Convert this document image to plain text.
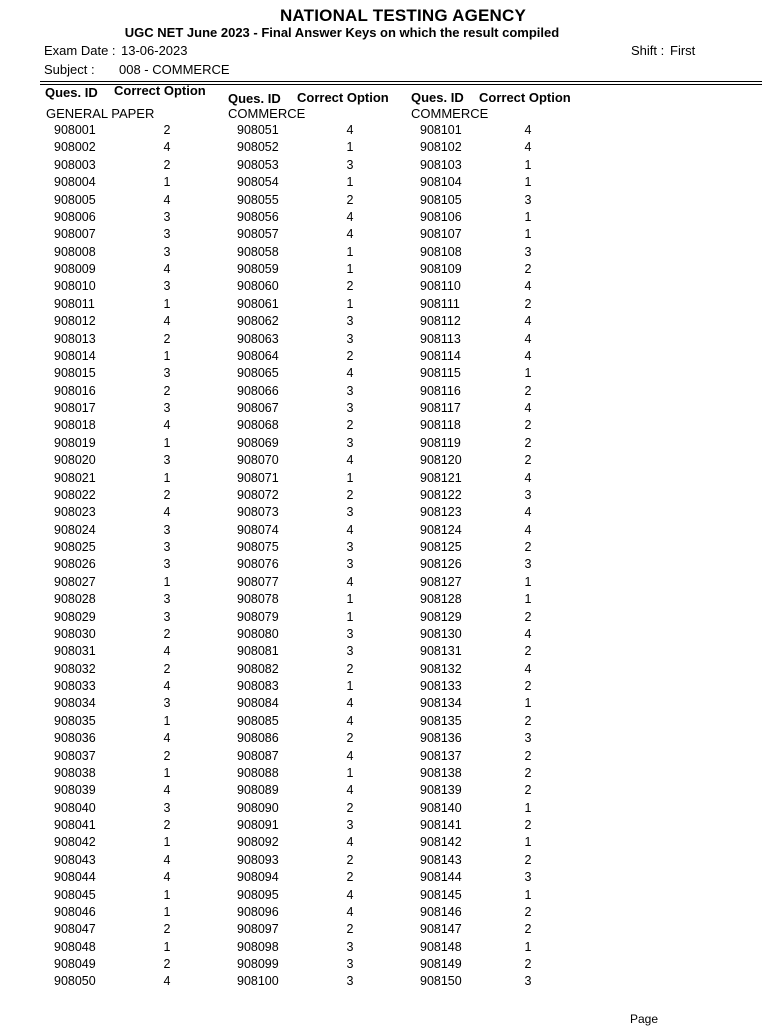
NATIONAL TESTING AGENCY
UGC NET June 2023 - Final Answer Keys on which the result compiled
Exam Date : 13-06-2023	Shift : First
Subject : 008 - COMMERCE
Ques. ID Correct Option
Ques. ID Correct Option Ques. ID Correct Option
GENERAL PAPER	COMMERCE	COMMERCE
908001	2
908002	4
908003	2
908004	1
908005	4
908006	3
908007	3
908008	3
908009	4
908010	3
908011	1
908012	4
908013	2
908014	1
908015	3
908016	2
908017	3
908018	4
908019	1
908020	3
908021	1
908022	2
908023	4
908024	3
908025	3
908026	3
908027	1
908028	3
908029	3
908030	2
908031	4
908032	2
908033	4
908034	3
908035	1
908036	4
908037	2
908038	1
908039	4
908040	3
908041	2
908042	1
908043	4
908044	4
908045	1
908046	1
908047	2
908048	1
908049	2
908050	4
908051	4
908052	1
908053	3
908054	1
908055	2
908056	4
908057	4
908058	1
908059	1
908060	2
908061	1
908062	3
908063	3
908064	2
908065	4
908066	3
908067	3
908068	2
908069	3
908070	4
908071	1
908072	2
908073	3
908074	4
908075	3
908076	3
908077	4
908078	1
908079	1
908080	3
908081	3
908082	2
908083	1
908084	4
908085	4
908086	2
908087	4
908088	1
908089	4
908090	2
908091	3
908092	4
908093	2
908094	2
908095	4
908096	4
908097	2
908098	3
908099	3
908100	3
908101	4
908102	4
908103	1
908104	1
908105	3
908106	1
908107	1
908108	3
908109	2
908110	4
908111	2
908112	4
908113	4
908114	4
908115	1
908116	2
908117	4
908118	2
908119	2
908120	2
908121	4
908122	3
908123	4
908124	4
908125	2
908126	3
908127	1
908128	1
908129	2
908130	4
908131	2
908132	4
908133	2
908134	1
908135	2
908136	3
908137	2
908138	2
908139	2
908140	1
908141	2
908142	1
908143	2
908144	3
908145	1
908146	2
908147	2
908148	1
908149	2
908150	3
Page
